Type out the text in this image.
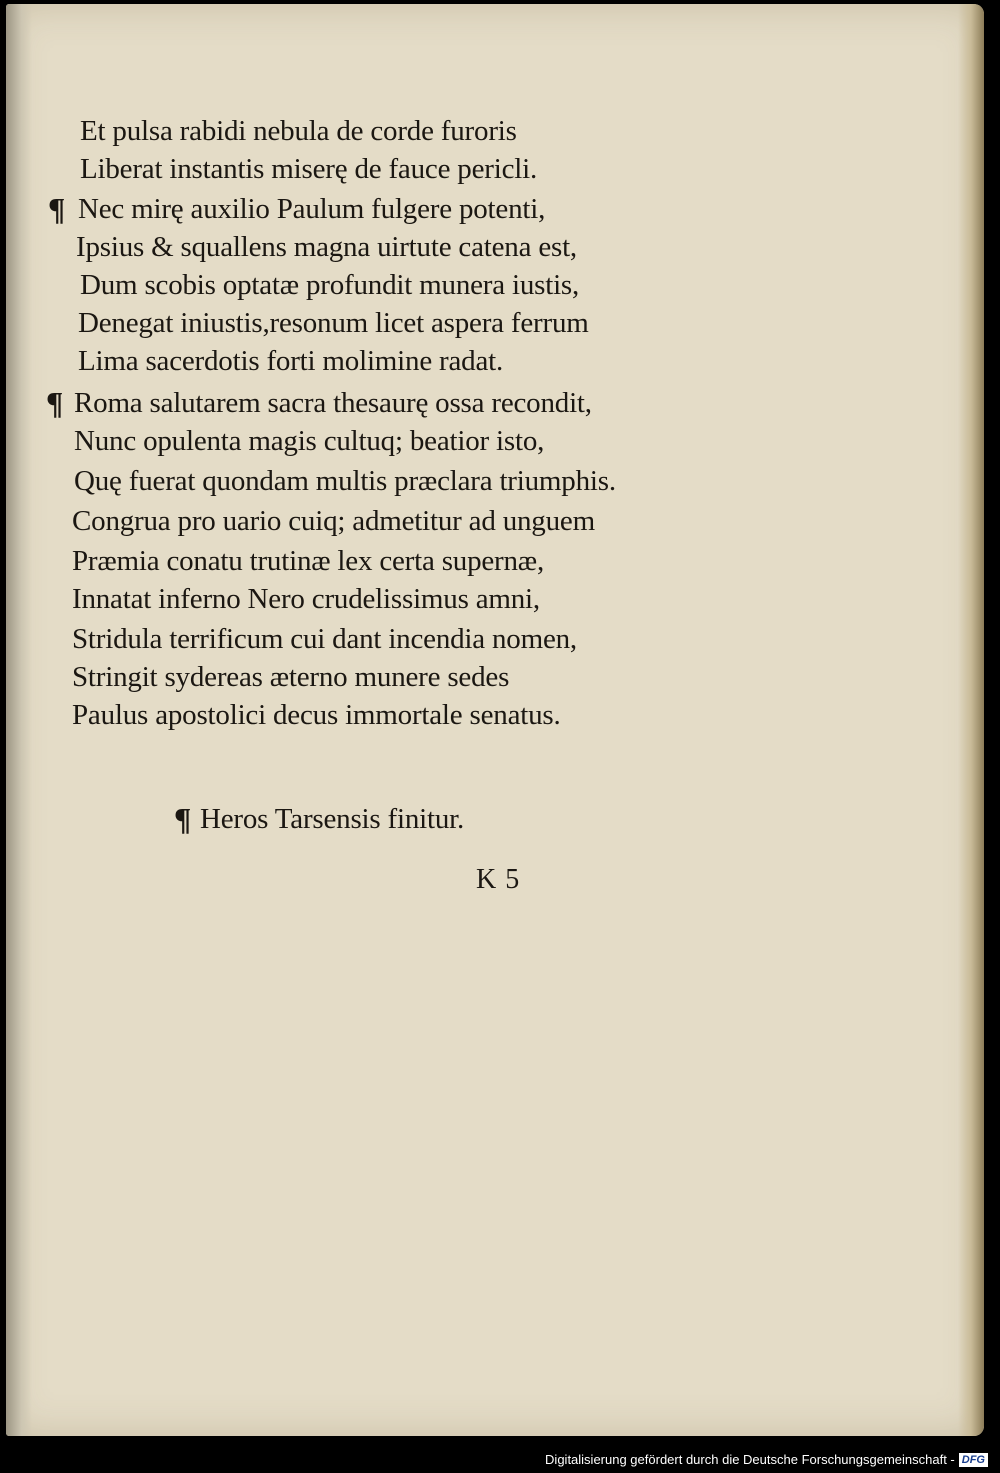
Et pulsa rabidi nebula de corde furoris
Liberat instantis miserę de fauce pericli.
¶ Nec mirę auxilio Paulum fulgere potenti,
Ipsius & squallens magna uirtute catena est,
Dum scobis optatæ profundit munera iustis,
Denegat iniustis,resonum licet aspera ferrum
Lima sacerdotis forti molimine radat.
¶ Roma salutarem sacra thesaurę ossa recondit,
Nunc opulenta magis cultuq; beatior isto,
Quę fuerat quondam multis præclara triumphis.
Congrua pro uario cuiq; admetitur ad unguem
Præmia conatu trutinæ lex certa supernæ,
Innatat inferno Nero crudelissimus amni,
Stridula terrificum cui dant incendia nomen,
Stringit sydereas æterno munere sedes
Paulus apostolici decus immortale senatus.
¶ Heros Tarsensis finitur.
K 5
Digitalisierung gefördert durch die Deutsche Forschungsgemeinschaft - DFG
